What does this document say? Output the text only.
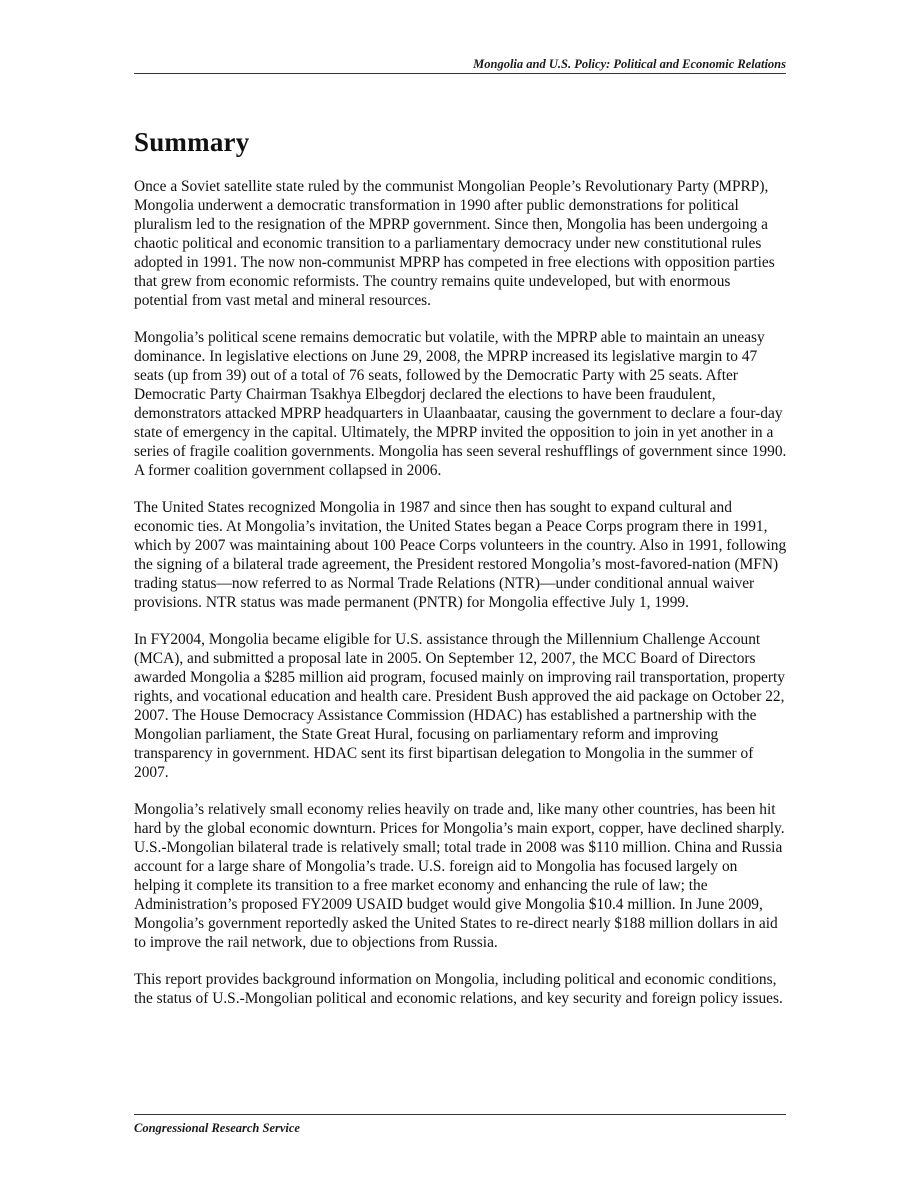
Mongolia and U.S. Policy: Political and Economic Relations
Summary

Once a Soviet satellite state ruled by the communist Mongolian People’s Revolutionary Party (MPRP), Mongolia underwent a democratic transformation in 1990 after public demonstrations for political pluralism led to the resignation of the MPRP government. Since then, Mongolia has been undergoing a chaotic political and economic transition to a parliamentary democracy under new constitutional rules adopted in 1991. The now non-communist MPRP has competed in free elections with opposition parties that grew from economic reformists. The country remains quite undeveloped, but with enormous potential from vast metal and mineral resources.

Mongolia’s political scene remains democratic but volatile, with the MPRP able to maintain an uneasy dominance. In legislative elections on June 29, 2008, the MPRP increased its legislative margin to 47 seats (up from 39) out of a total of 76 seats, followed by the Democratic Party with 25 seats. After Democratic Party Chairman Tsakhya Elbegdorj declared the elections to have been fraudulent, demonstrators attacked MPRP headquarters in Ulaanbaatar, causing the government to declare a four-day state of emergency in the capital. Ultimately, the MPRP invited the opposition to join in yet another in a series of fragile coalition governments. Mongolia has seen several reshufflings of government since 1990. A former coalition government collapsed in 2006.

The United States recognized Mongolia in 1987 and since then has sought to expand cultural and economic ties. At Mongolia’s invitation, the United States began a Peace Corps program there in 1991, which by 2007 was maintaining about 100 Peace Corps volunteers in the country. Also in 1991, following the signing of a bilateral trade agreement, the President restored Mongolia’s most-favored-nation (MFN) trading status—now referred to as Normal Trade Relations (NTR)—under conditional annual waiver provisions. NTR status was made permanent (PNTR) for Mongolia effective July 1, 1999.

In FY2004, Mongolia became eligible for U.S. assistance through the Millennium Challenge Account (MCA), and submitted a proposal late in 2005. On September 12, 2007, the MCC Board of Directors awarded Mongolia a $285 million aid program, focused mainly on improving rail transportation, property rights, and vocational education and health care. President Bush approved the aid package on October 22, 2007. The House Democracy Assistance Commission (HDAC) has established a partnership with the Mongolian parliament, the State Great Hural, focusing on parliamentary reform and improving transparency in government. HDAC sent its first bipartisan delegation to Mongolia in the summer of 2007.

Mongolia’s relatively small economy relies heavily on trade and, like many other countries, has been hit hard by the global economic downturn. Prices for Mongolia’s main export, copper, have declined sharply. U.S.-Mongolian bilateral trade is relatively small; total trade in 2008 was $110 million. China and Russia account for a large share of Mongolia’s trade. U.S. foreign aid to Mongolia has focused largely on helping it complete its transition to a free market economy and enhancing the rule of law; the Administration’s proposed FY2009 USAID budget would give Mongolia $10.4 million. In June 2009, Mongolia’s government reportedly asked the United States to re-direct nearly $188 million dollars in aid to improve the rail network, due to objections from Russia.

This report provides background information on Mongolia, including political and economic conditions, the status of U.S.-Mongolian political and economic relations, and key security and foreign policy issues.

Congressional Research Service
